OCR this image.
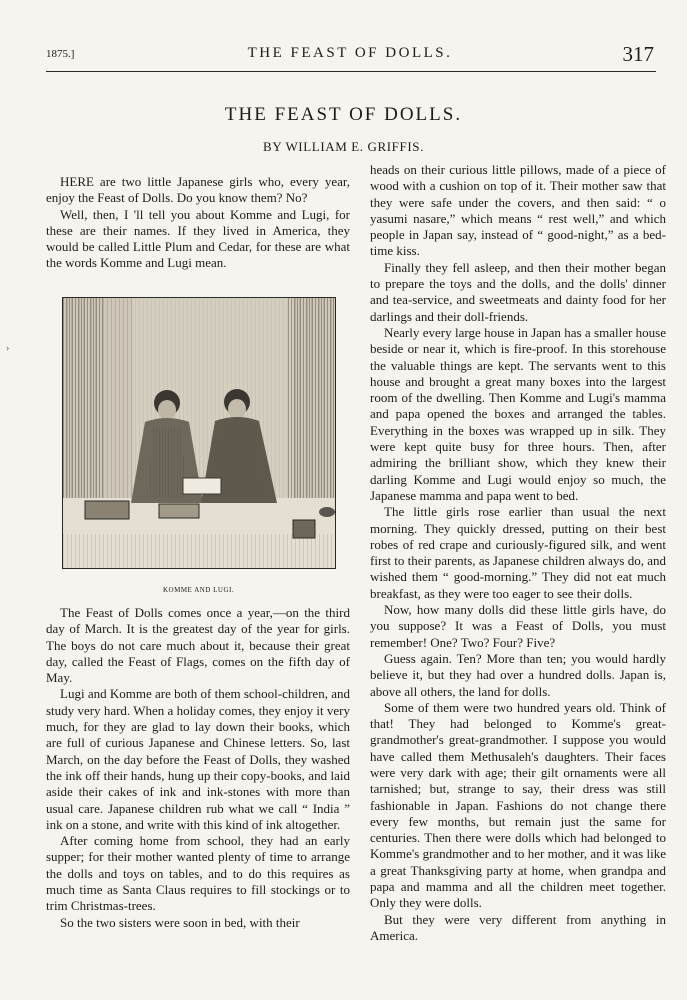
1875.]	THE FEAST OF DOLLS.	317
THE FEAST OF DOLLS.
BY WILLIAM E. GRIFFIS.

HERE are two little Japanese girls who, every year, enjoy the Feast of Dolls. Do you know them? No?

Well, then, I 'll tell you about Komme and Lugi, for these are their names. If they lived in America, they would be called Little Plum and Cedar, for these are what the words Komme and Lugi mean.

›
KOMME AND LUGI.

The Feast of Dolls comes once a year,—on the third day of March. It is the greatest day of the year for girls. The boys do not care much about it, because their great day, called the Feast of Flags, comes on the fifth day of May.

Lugi and Komme are both of them school-children, and study very hard. When a holiday comes, they enjoy it very much, for they are glad to lay down their books, which are full of curious Japanese and Chinese letters. So, last March, on the day before the Feast of Dolls, they washed the ink off their hands, hung up their copy-books, and laid aside their cakes of ink and ink-stones with more than usual care. Japanese children rub what we call “ India ” ink on a stone, and write with this kind of ink altogether.

After coming home from school, they had an early supper; for their mother wanted plenty of time to arrange the dolls and toys on tables, and to do this requires as much time as Santa Claus requires to fill stockings or to trim Christmas-trees.

So the two sisters were soon in bed, with their

heads on their curious little pillows, made of a piece of wood with a cushion on top of it. Their mother saw that they were safe under the covers, and then said: “ o yasumi nasare,” which means “ rest well,” and which people in Japan say, instead of “ good-night,” as a bed-time kiss.

Finally they fell asleep, and then their mother began to prepare the toys and the dolls, and the dolls' dinner and tea-service, and sweetmeats and dainty food for her darlings and their doll-friends.

Nearly every large house in Japan has a smaller house beside or near it, which is fire-proof. In this storehouse the valuable things are kept. The servants went to this house and brought a great many boxes into the largest room of the dwelling. Then Komme and Lugi's mamma and papa opened the boxes and arranged the tables. Everything in the boxes was wrapped up in silk. They were kept quite busy for three hours. Then, after admiring the brilliant show, which they knew their darling Komme and Lugi would enjoy so much, the Japanese mamma and papa went to bed.

The little girls rose earlier than usual the next morning. They quickly dressed, putting on their best robes of red crape and curiously-figured silk, and went first to their parents, as Japanese children always do, and wished them “ good-morning.” They did not eat much breakfast, as they were too eager to see their dolls.

Now, how many dolls did these little girls have, do you suppose? It was a Feast of Dolls, you must remember! One? Two? Four? Five?

Guess again. Ten? More than ten; you would hardly believe it, but they had over a hundred dolls. Japan is, above all others, the land for dolls.

Some of them were two hundred years old. Think of that! They had belonged to Komme's great-grandmother's great-grandmother. I suppose you would have called them Methusaleh's daughters. Their faces were very dark with age; their gilt ornaments were all tarnished; but, strange to say, their dress was still fashionable in Japan. Fashions do not change there every few months, but remain just the same for centuries. Then there were dolls which had belonged to Komme's grandmother and to her mother, and it was like a great Thanksgiving party at home, when grandpa and papa and mamma and all the children meet together. Only they were dolls.

But they were very different from anything in America.
